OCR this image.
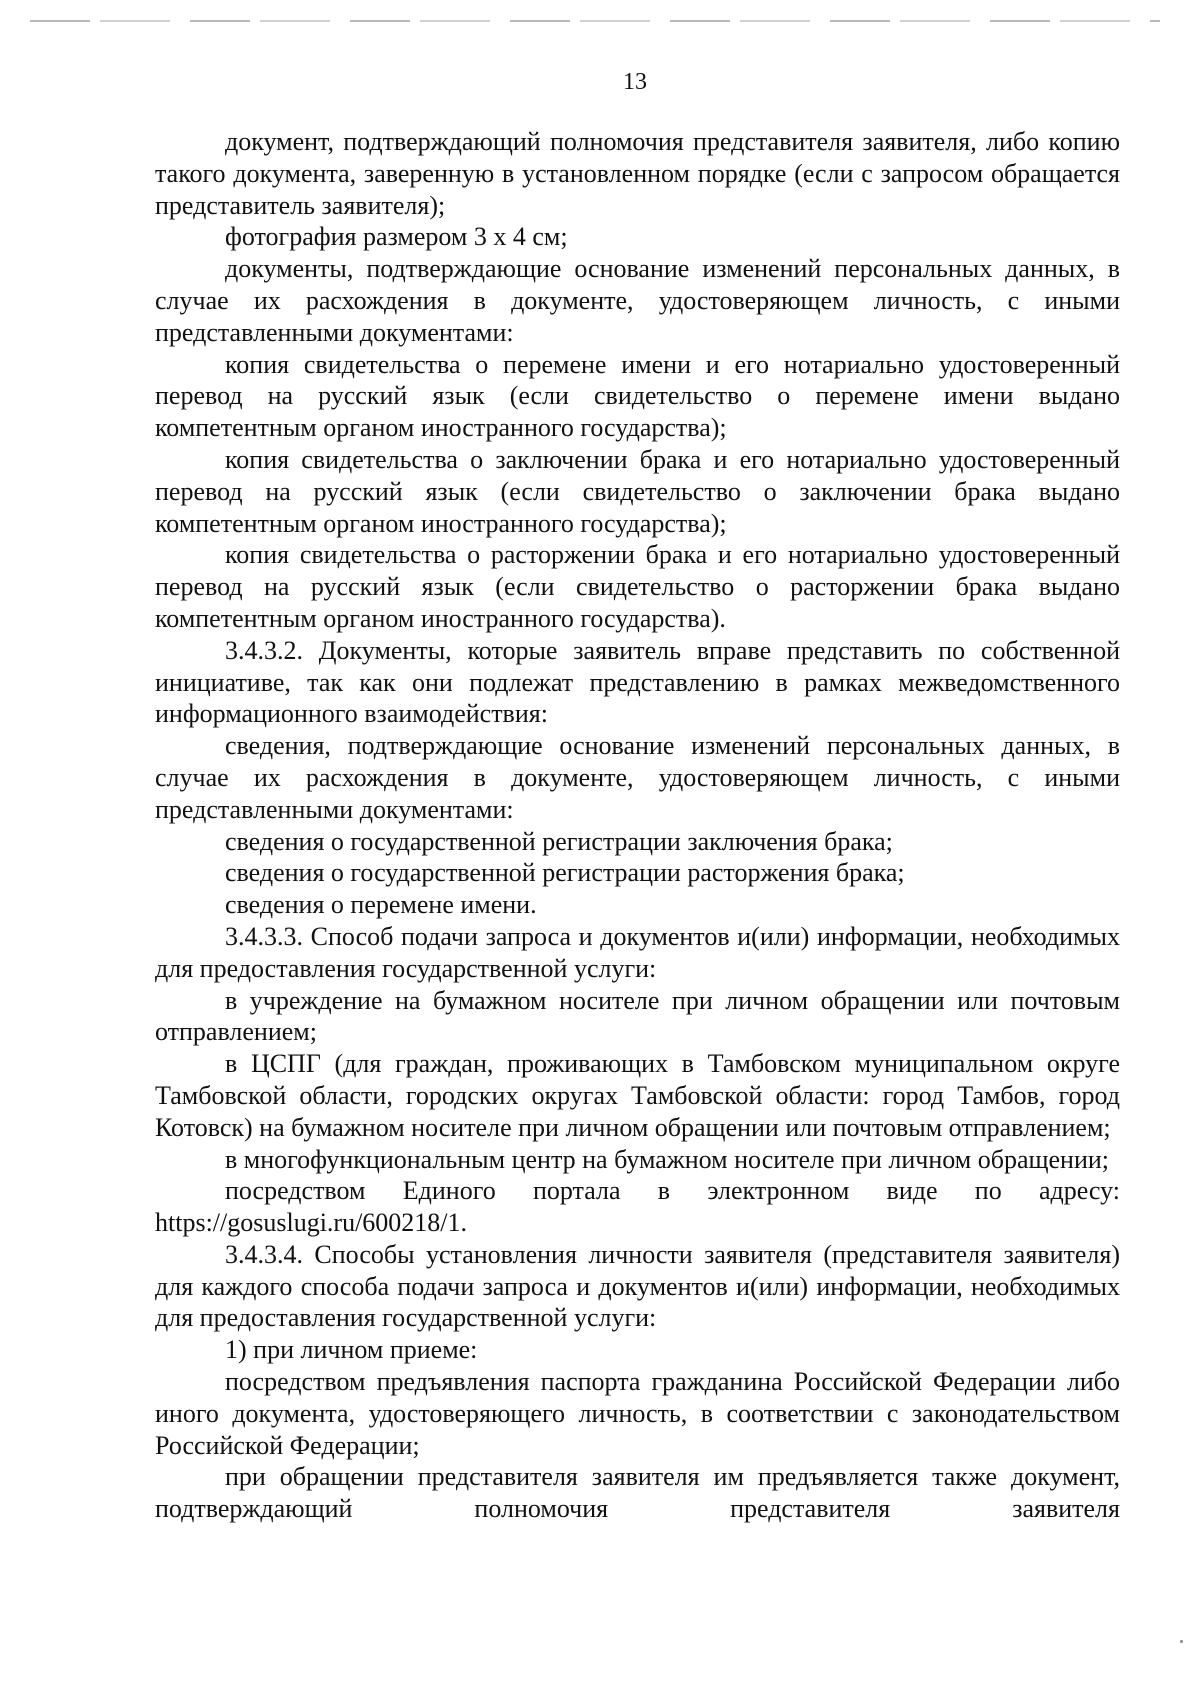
13

документ, подтверждающий полномочия представителя заявителя, либо копию такого документа, заверенную в установленном порядке (если с запросом обращается представитель заявителя);

фотография размером 3 х 4 см;

документы, подтверждающие основание изменений персональных данных, в случае их расхождения в документе, удостоверяющем личность, с иными представленными документами:

копия свидетельства о перемене имени и его нотариально удостоверенный перевод на русский язык (если свидетельство о перемене имени выдано компетентным органом иностранного государства);

копия свидетельства о заключении брака и его нотариально удостоверенный перевод на русский язык (если свидетельство о заключении брака выдано компетентным органом иностранного государства);

копия свидетельства о расторжении брака и его нотариально удостоверенный перевод на русский язык (если свидетельство о расторжении брака выдано компетентным органом иностранного государства).

3.4.3.2. Документы, которые заявитель вправе представить по собственной инициативе, так как они подлежат представлению в рамках межведомственного информационного взаимодействия:

сведения, подтверждающие основание изменений персональных данных, в случае их расхождения в документе, удостоверяющем личность, с иными представленными документами:

сведения о государственной регистрации заключения брака;

сведения о государственной регистрации расторжения брака;

сведения о перемене имени.

3.4.3.3. Способ подачи запроса и документов и(или) информации, необходимых для предоставления государственной услуги:

в учреждение на бумажном носителе при личном обращении или почтовым отправлением;

в ЦСПГ (для граждан, проживающих в Тамбовском муниципальном округе Тамбовской области, городских округах Тамбовской области: город Тамбов, город Котовск) на бумажном носителе при личном обращении или почтовым отправлением;

в многофункциональным центр на бумажном носителе при личном обращении;

посредством Единого портала в электронном виде по адресу: https://gosuslugi.ru/600218/1.

3.4.3.4. Способы установления личности заявителя (представителя заявителя) для каждого способа подачи запроса и документов и(или) информации, необходимых для предоставления государственной услуги:

1) при личном приеме:

посредством предъявления паспорта гражданина Российской Федерации либо иного документа, удостоверяющего личность, в соответствии с законодательством Российской Федерации;

при обращении представителя заявителя им предъявляется также документ, подтверждающий полномочия представителя заявителя
